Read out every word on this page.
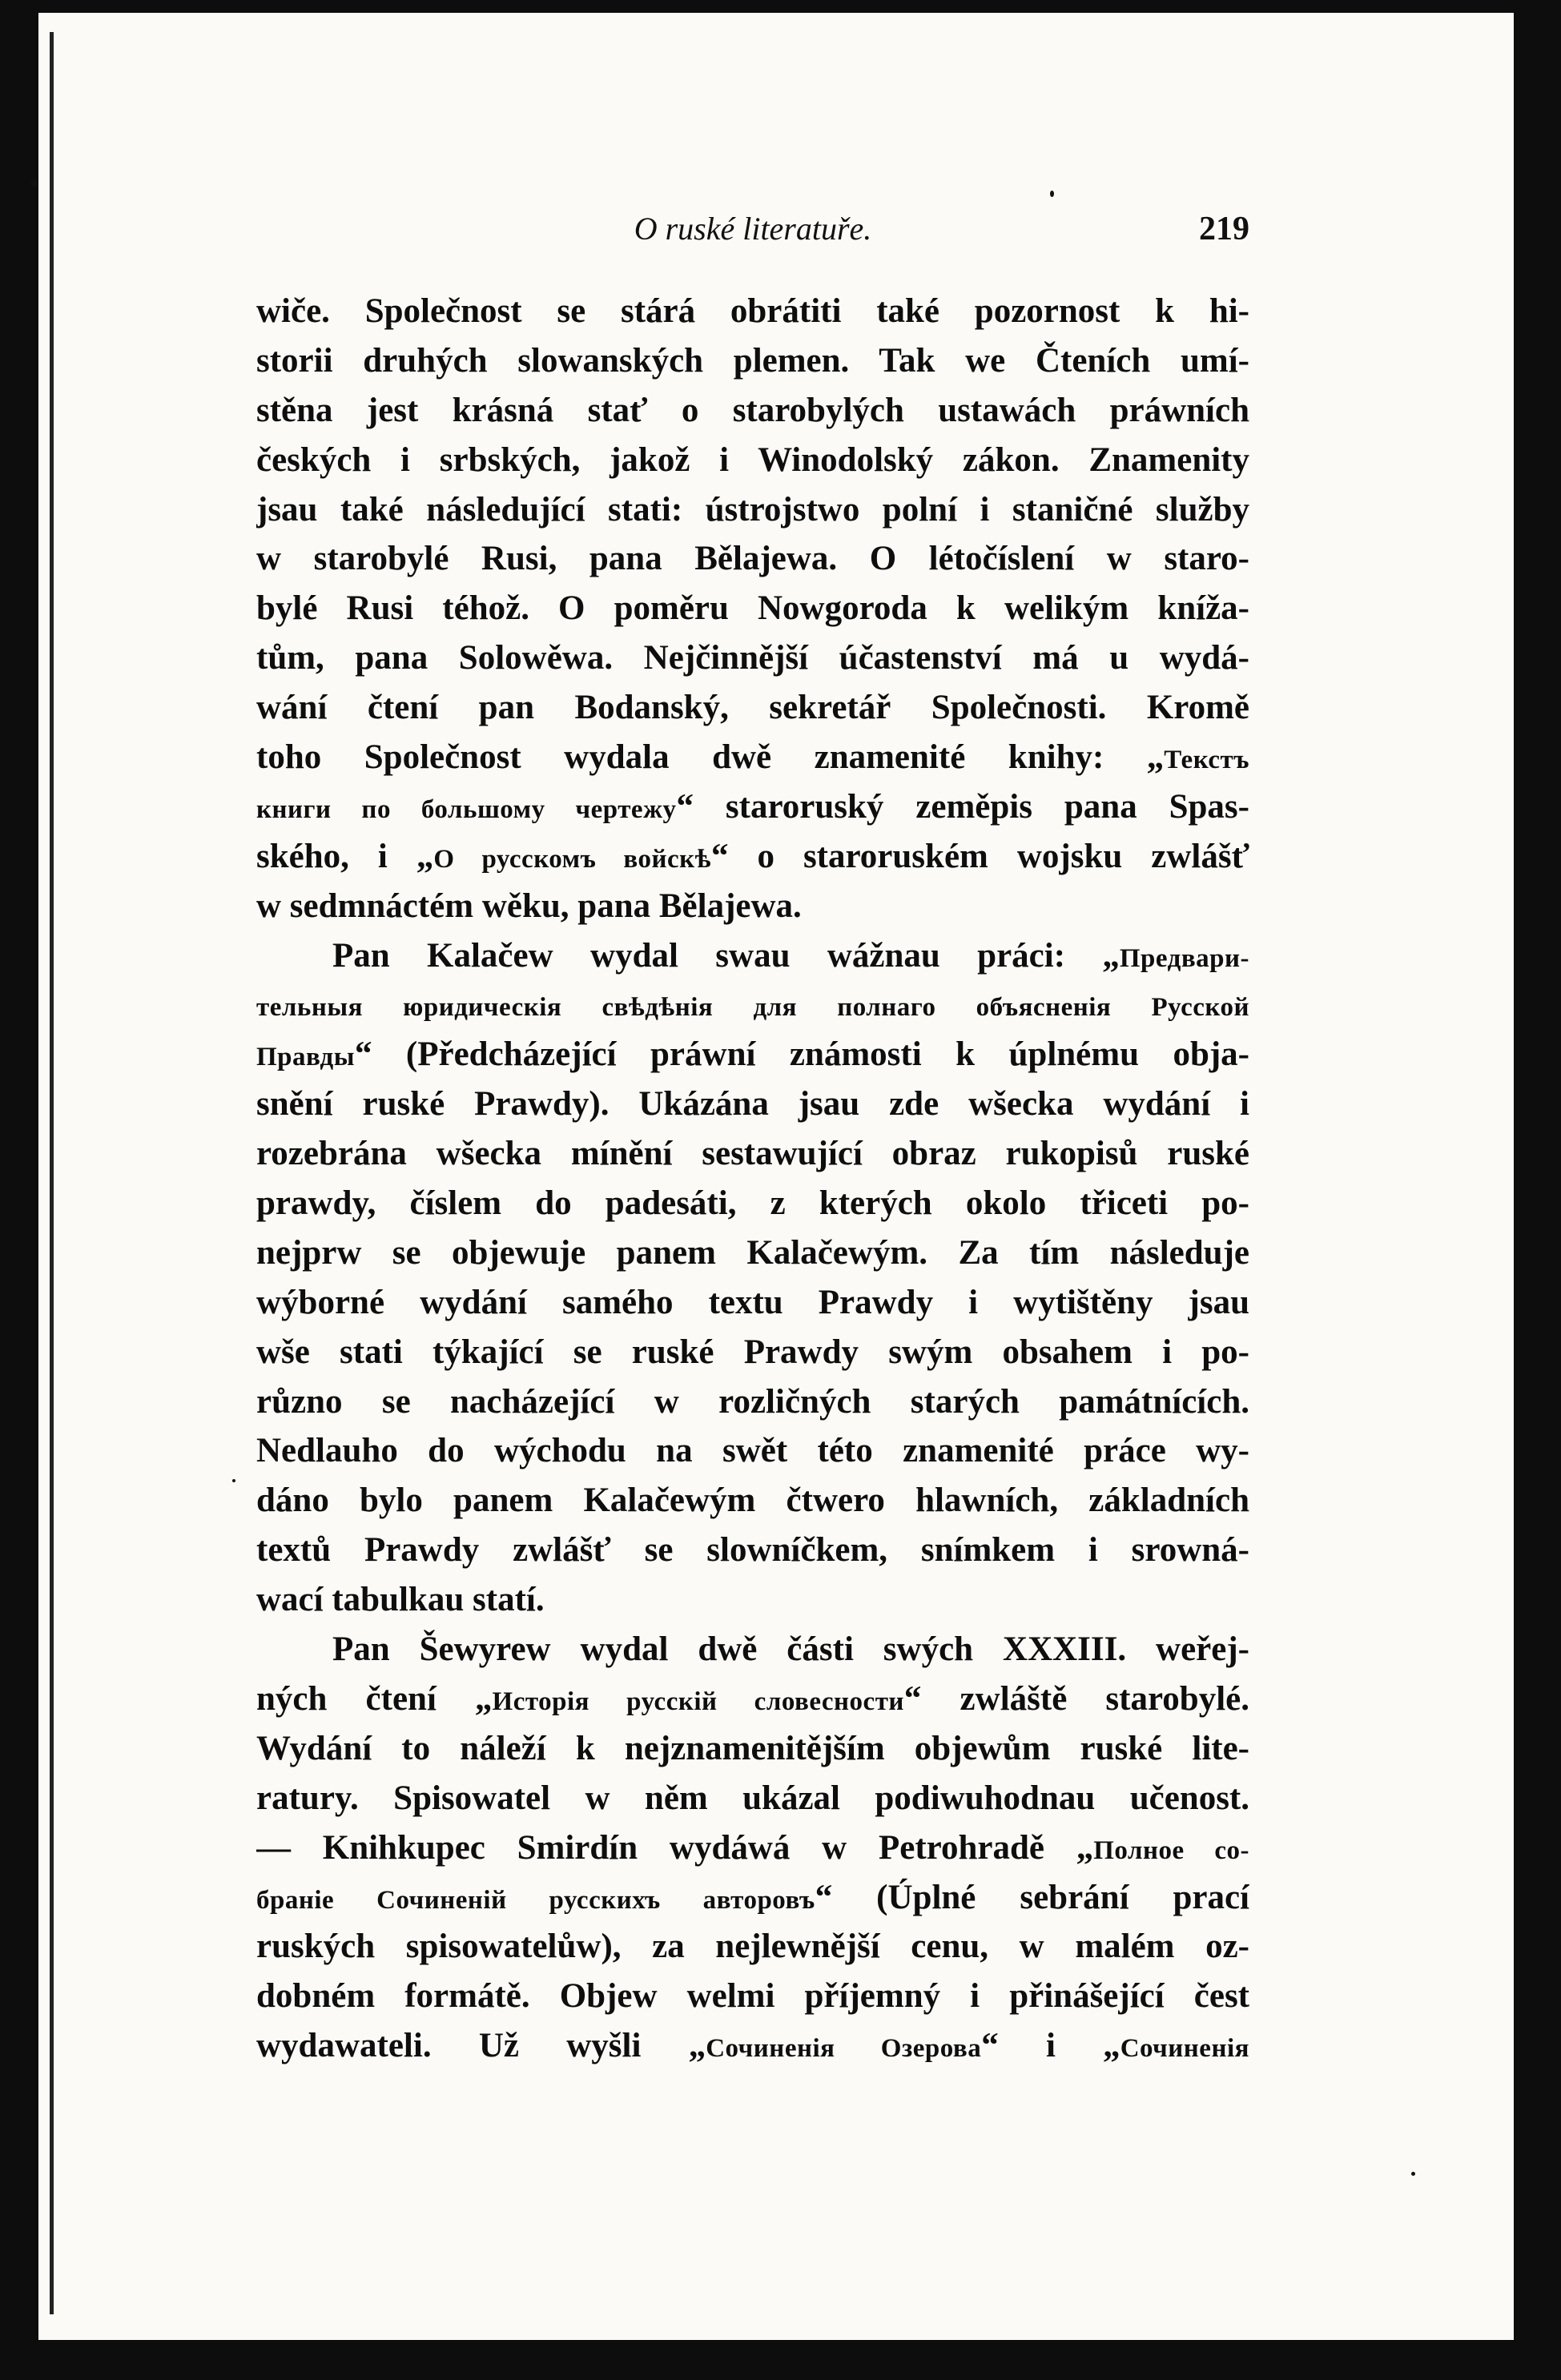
O ruské literatuře.	219
wiče. Společnost se stárá obrátiti také pozornost k hi-
storii druhých slowanských plemen. Tak we Čteních umí-
stěna jest krásná stať o starobylých ustawách práwních
českých i srbských, jakož i Winodolský zákon. Znamenity
jsau také následující stati: ústrojstwo polní i staničné služby
w starobylé Rusi, pana Bělajewa. O létočíslení w staro-
bylé Rusi téhož. O poměru Nowgoroda k welikým kníža-
tům, pana Solowěwa. Nejčinnější účastenství má u wydá-
wání čtení pan Bodanský, sekretář Společnosti. Kromě
toho Společnost wydala dwě znamenité knihy: „Текстъ
книги по большому чертежу“ staroruský zeměpis pana Spas-
ského, i „О русскомъ войскѣ“ o staroruském wojsku zwlášť
w sedmnáctém wěku, pana Bělajewa.
Pan Kalačew wydal swau wážnau práci: „Предвари-
тельныя юридическія свѣдѣнія для полнаго объясненія Русской
Правды“ (Předcházející práwní známosti k úplnému obja-
snění ruské Prawdy). Ukázána jsau zde wšecka wydání i
rozebrána wšecka mínění sestawující obraz rukopisů ruské
prawdy, číslem do padesáti, z kterých okolo třiceti po-
nejprw se objewuje panem Kalačewým. Za tím následuje
wýborné wydání samého textu Prawdy i wytištěny jsau
wše stati týkající se ruské Prawdy swým obsahem i po-
různo se nacházející w rozličných starých památnících.
Nedlauho do wýchodu na swět této znamenité práce wy-
dáno bylo panem Kalačewým čtwero hlawních, základních
textů Prawdy zwlášť se slowníčkem, snímkem i srowná-
wací tabulkau statí.
Pan Šewyrew wydal dwě části swých XXXIII. weřej-
ných čtení „Исторія русскій словесности“ zwláště starobylé.
Wydání to náleží k nejznamenitějším objewům ruské lite-
ratury. Spisowatel w něm ukázal podiwuhodnau učenost.
— Knihkupec Smirdín wydáwá w Petrohradě „Полное со-
браніе Сочиненій русскихъ авторовъ“ (Úplné sebrání prací
ruských spisowatelůw), za nejlewnější cenu, w malém oz-
dobném formátě. Objew welmi příjemný i přinášející čest
wydawateli. Už wyšli „Сочиненія Озерова“ i „Сочиненія
